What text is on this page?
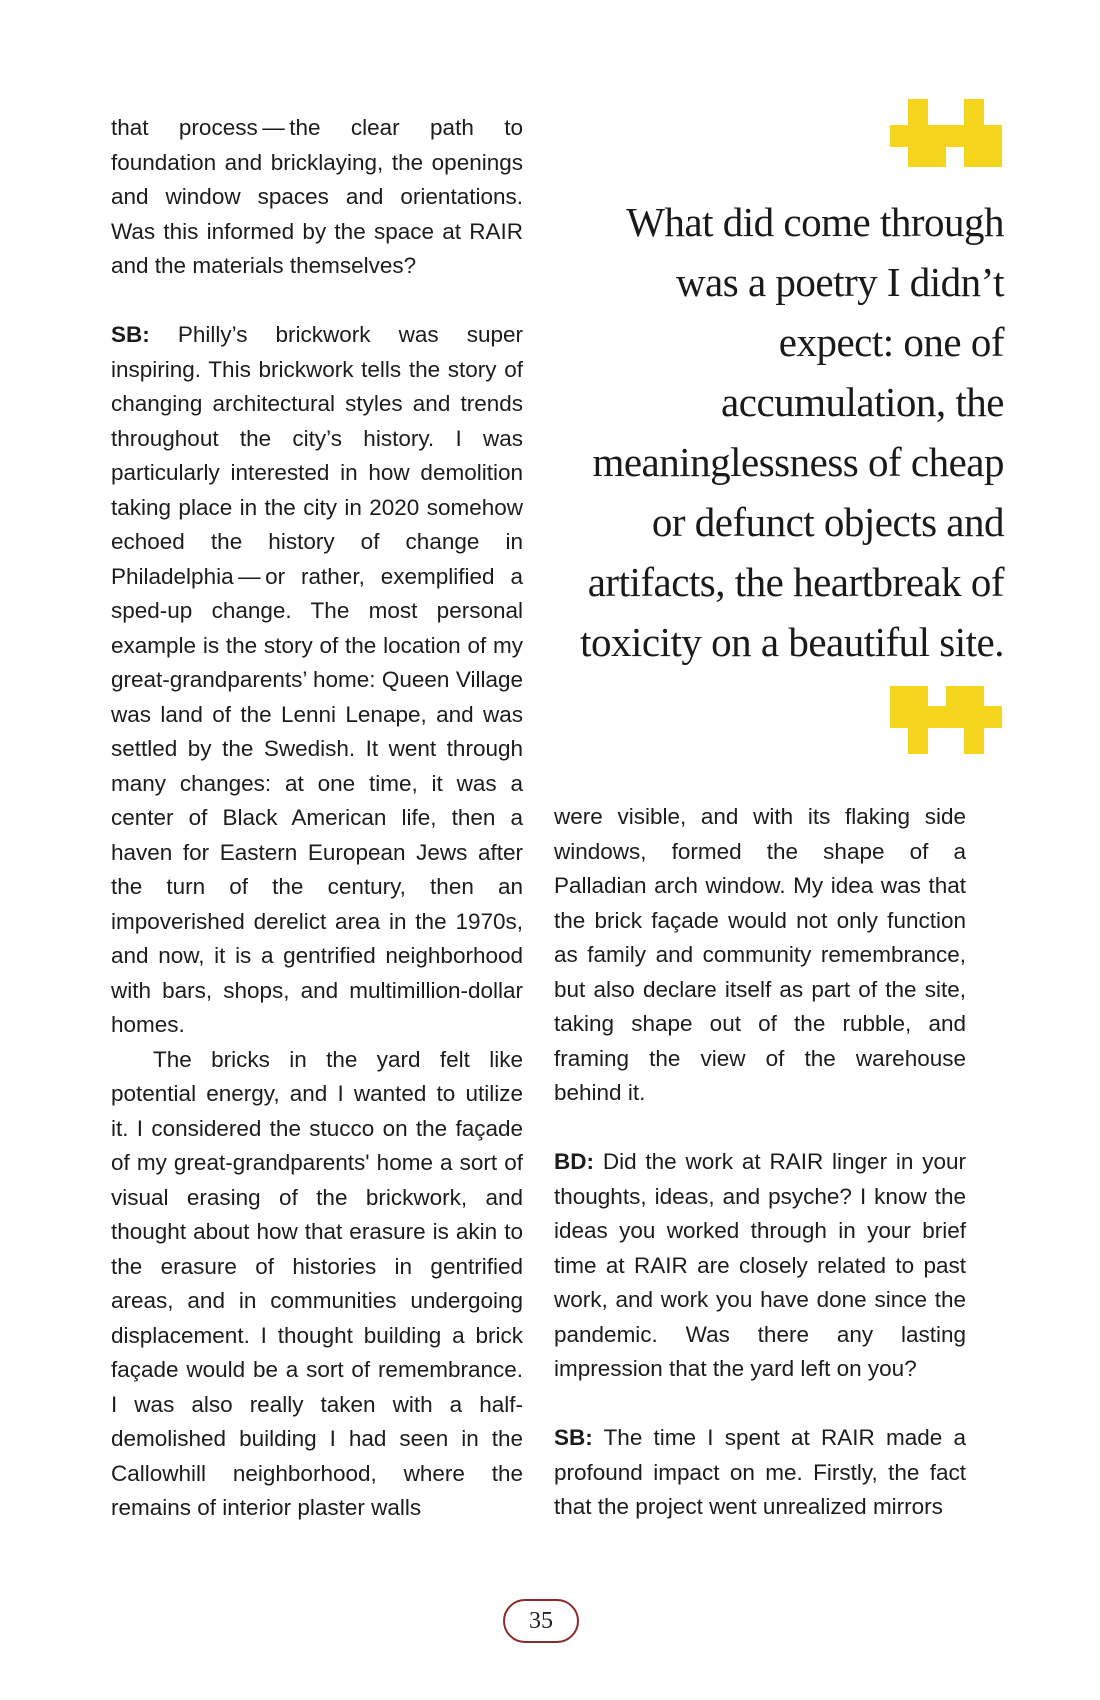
that process — the clear path to foundation and bricklaying, the openings and window spaces and orientations. Was this informed by the space at RAIR and the materials themselves?

SB: Philly’s brickwork was super inspiring. This brickwork tells the story of changing architectural styles and trends throughout the city’s history. I was particularly interested in how demolition taking place in the city in 2020 somehow echoed the history of change in Philadelphia — or rather, exemplified a sped-up change. The most personal example is the story of the location of my great-grandparents’ home: Queen Village was land of the Lenni Lenape, and was settled by the Swedish. It went through many changes: at one time, it was a center of Black American life, then a haven for Eastern European Jews after the turn of the century, then an impoverished derelict area in the 1970s, and now, it is a gentrified neighborhood with bars, shops, and multimillion-dollar homes.

The bricks in the yard felt like potential energy, and I wanted to utilize it. I considered the stucco on the façade of my great-grandparents' home a sort of visual erasing of the brickwork, and thought about how that erasure is akin to the erasure of histories in gentrified areas, and in communities undergoing displacement. I thought building a brick façade would be a sort of remembrance. I was also really taken with a half-demolished building I had seen in the Callowhill neighborhood, where the remains of interior plaster walls

What did come through was a poetry I didn’t expect: one of accumulation, the meaninglessness of cheap or defunct objects and artifacts, the heartbreak of toxicity on a beautiful site.

were visible, and with its flaking side windows, formed the shape of a Palladian arch window. My idea was that the brick façade would not only function as family and community remembrance, but also declare itself as part of the site, taking shape out of the rubble, and framing the view of the warehouse behind it.

BD: Did the work at RAIR linger in your thoughts, ideas, and psyche? I know the ideas you worked through in your brief time at RAIR are closely related to past work, and work you have done since the pandemic. Was there any lasting impression that the yard left on you?

SB: The time I spent at RAIR made a profound impact on me. Firstly, the fact that the project went unrealized mirrors

35
